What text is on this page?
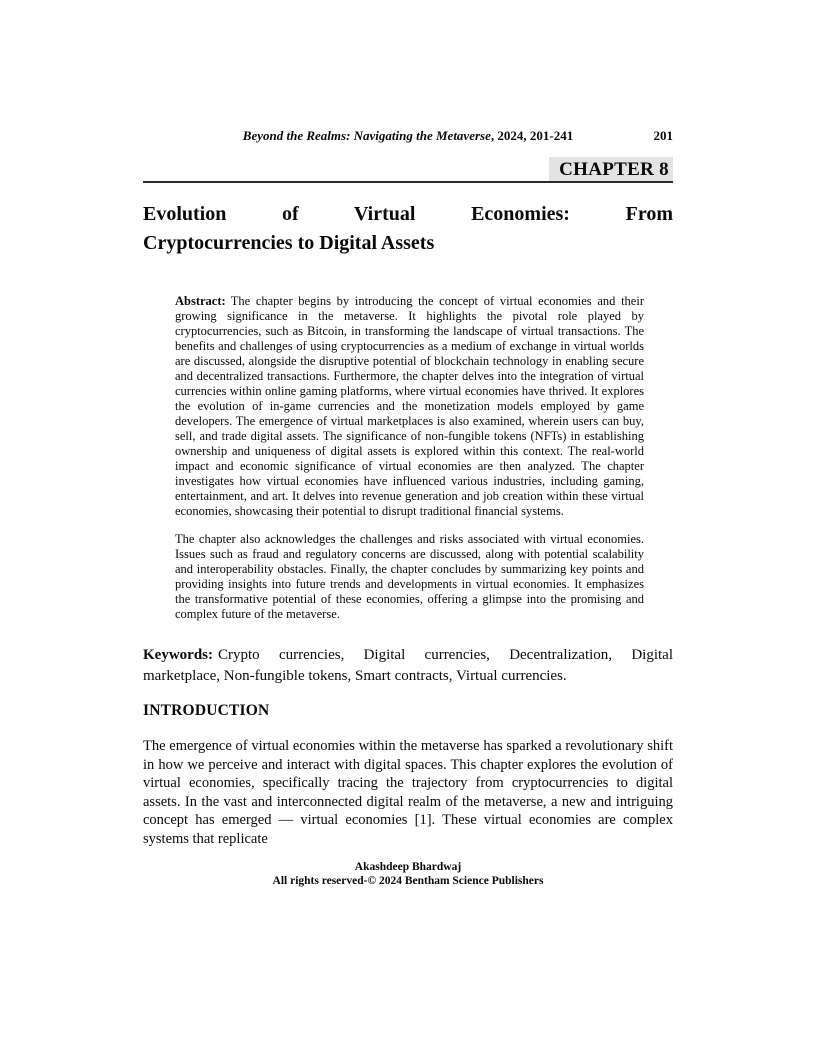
Beyond the Realms: Navigating the Metaverse, 2024, 201-241	201
CHAPTER 8
Evolution of Virtual Economies: From
Cryptocurrencies to Digital Assets

Abstract: The chapter begins by introducing the concept of virtual economies and their growing significance in the metaverse. It highlights the pivotal role played by cryptocurrencies, such as Bitcoin, in transforming the landscape of virtual transactions. The benefits and challenges of using cryptocurrencies as a medium of exchange in virtual worlds are discussed, alongside the disruptive potential of blockchain technology in enabling secure and decentralized transactions. Furthermore, the chapter delves into the integration of virtual currencies within online gaming platforms, where virtual economies have thrived. It explores the evolution of in-game currencies and the monetization models employed by game developers. The emergence of virtual marketplaces is also examined, wherein users can buy, sell, and trade digital assets. The significance of non-fungible tokens (NFTs) in establishing ownership and uniqueness of digital assets is explored within this context. The real-world impact and economic significance of virtual economies are then analyzed. The chapter investigates how virtual economies have influenced various industries, including gaming, entertainment, and art. It delves into revenue generation and job creation within these virtual economies, showcasing their potential to disrupt traditional financial systems.

The chapter also acknowledges the challenges and risks associated with virtual economies. Issues such as fraud and regulatory concerns are discussed, along with potential scalability and interoperability obstacles. Finally, the chapter concludes by summarizing key points and providing insights into future trends and developments in virtual economies. It emphasizes the transformative potential of these economies, offering a glimpse into the promising and complex future of the metaverse.

Keywords: Crypto currencies, Digital currencies, Decentralization, Digital marketplace, Non-fungible tokens, Smart contracts, Virtual currencies.

INTRODUCTION

The emergence of virtual economies within the metaverse has sparked a revolutionary shift in how we perceive and interact with digital spaces. This chapter explores the evolution of virtual economies, specifically tracing the trajectory from cryptocurrencies to digital assets. In the vast and interconnected digital realm of the metaverse, a new and intriguing concept has emerged — virtual economies [1]. These virtual economies are complex systems that replicate

Akashdeep Bhardwaj
All rights reserved-© 2024 Bentham Science Publishers
